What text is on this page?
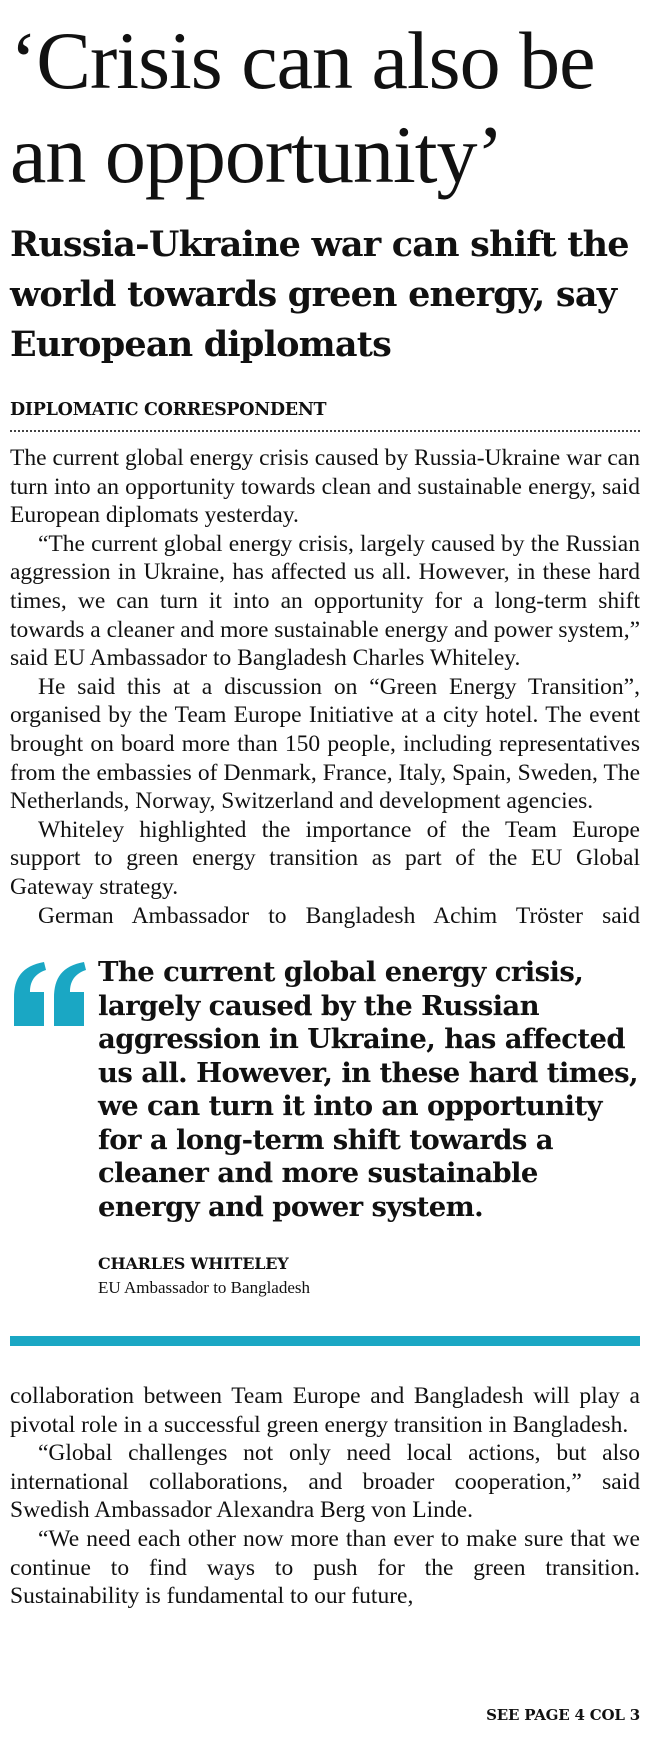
‘Crisis can also be an opportunity’
Russia-Ukraine war can shift the world towards green energy, say European diplomats
DIPLOMATIC CORRESPONDENT

The current global energy crisis caused by Russia-Ukraine war can turn into an opportunity towards clean and sustainable energy, said European diplomats yesterday.

“The current global energy crisis, largely caused by the Russian aggression in Ukraine, has affected us all. However, in these hard times, we can turn it into an opportunity for a long-term shift towards a cleaner and more sustainable energy and power system,” said EU Ambassador to Bangladesh Charles Whiteley.

He said this at a discussion on “Green Energy Transition”, organised by the Team Europe Initiative at a city hotel. The event brought on board more than 150 people, including representatives from the embassies of Denmark, France, Italy, Spain, Sweden, The Netherlands, Norway, Switzerland and development agencies.

Whiteley highlighted the importance of the Team Europe support to green energy transition as part of the EU Global Gateway strategy.

German Ambassador to Bangladesh Achim Tröster said

The current global energy crisis, largely caused by the Russian aggression in Ukraine, has affected us all. However, in these hard times, we can turn it into an opportunity for a long-term shift towards a cleaner and more sustainable energy and power system.
CHARLES WHITELEY
EU Ambassador to Bangladesh

collaboration between Team Europe and Bangladesh will play a pivotal role in a successful green energy transition in Bangladesh.

“Global challenges not only need local actions, but also international collaborations, and broader cooperation,” said Swedish Ambassador Alexandra Berg von Linde.

“We need each other now more than ever to make sure that we continue to find ways to push for the green transition. Sustainability is fundamental to our future,

SEE PAGE 4 COL 3
